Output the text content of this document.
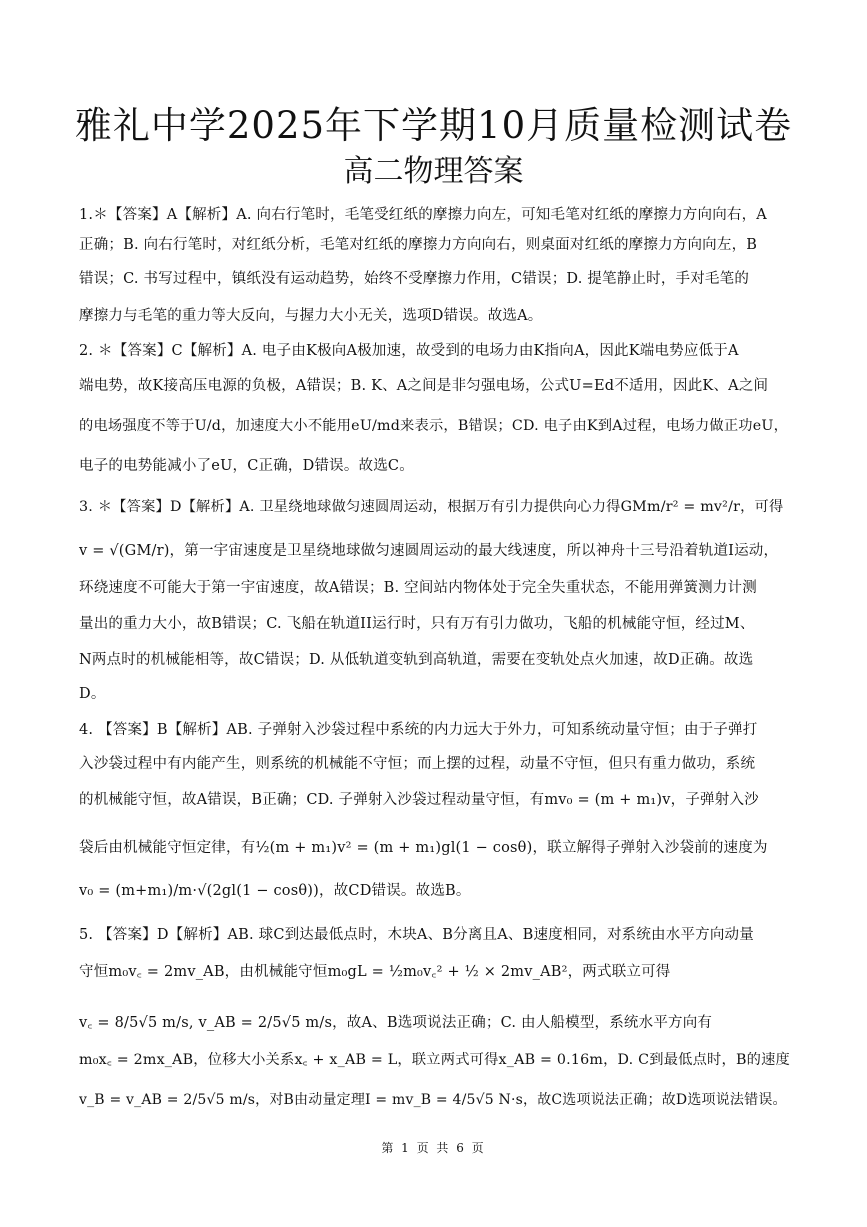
雅礼中学2025年下学期10月质量检测试卷
高二物理答案
1.＊【答案】A【解析】A. 向右行笔时，毛笔受红纸的摩擦力向左，可知毛笔对红纸的摩擦力方向向右，A
正确；B. 向右行笔时，对红纸分析，毛笔对红纸的摩擦力方向向右，则桌面对红纸的摩擦力方向向左，B
错误；C. 书写过程中，镇纸没有运动趋势，始终不受摩擦力作用，C错误；D. 提笔静止时，手对毛笔的
摩擦力与毛笔的重力等大反向，与握力大小无关，选项D错误。故选A。
2. ＊【答案】C【解析】A. 电子由K极向A极加速，故受到的电场力由K指向A，因此K端电势应低于A
端电势，故K接高压电源的负极，A错误；B. K、A之间是非匀强电场，公式U=Ed不适用，因此K、A之间
的电场强度不等于U/d，加速度大小不能用eU/md来表示，B错误；CD. 电子由K到A过程，电场力做正功eU，
电子的电势能减小了eU，C正确，D错误。故选C。
3. ＊【答案】D【解析】A. 卫星绕地球做匀速圆周运动，根据万有引力提供向心力得GMm/r² = mv²/r，可得
v = √(GM/r)，第一宇宙速度是卫星绕地球做匀速圆周运动的最大线速度，所以神舟十三号沿着轨道I运动，
环绕速度不可能大于第一宇宙速度，故A错误；B. 空间站内物体处于完全失重状态，不能用弹簧测力计测
量出的重力大小，故B错误；C. 飞船在轨道II运行时，只有万有引力做功，飞船的机械能守恒，经过M、
N两点时的机械能相等，故C错误；D. 从低轨道变轨到高轨道，需要在变轨处点火加速，故D正确。故选
D。
4. 【答案】B【解析】AB. 子弹射入沙袋过程中系统的内力远大于外力，可知系统动量守恒；由于子弹打
入沙袋过程中有内能产生，则系统的机械能不守恒；而上摆的过程，动量不守恒，但只有重力做功，系统
的机械能守恒，故A错误，B正确；CD. 子弹射入沙袋过程动量守恒，有mv₀ = (m + m₁)v，子弹射入沙
袋后由机械能守恒定律，有½(m + m₁)v² = (m + m₁)gl(1 − cosθ)，联立解得子弹射入沙袋前的速度为
v₀ = (m+m₁)/m·√(2gl(1 − cosθ))，故CD错误。故选B。
5. 【答案】D【解析】AB. 球C到达最低点时，木块A、B分离且A、B速度相同，对系统由水平方向动量
守恒m₀v꜀ = 2mv_AB，由机械能守恒m₀gL = ½m₀v꜀² + ½ × 2mv_AB²，两式联立可得
v꜀ = 8/5√5 m/s, v_AB = 2/5√5 m/s，故A、B选项说法正确；C. 由人船模型，系统水平方向有
m₀x꜀ = 2mx_AB，位移大小关系x꜀ + x_AB = L，联立两式可得x_AB = 0.16m，D. C到最低点时，B的速度
v_B = v_AB = 2/5√5 m/s，对B由动量定理I = mv_B = 4/5√5 N·s，故C选项说法正确；故D选项说法错误。
第 1 页 共 6 页
